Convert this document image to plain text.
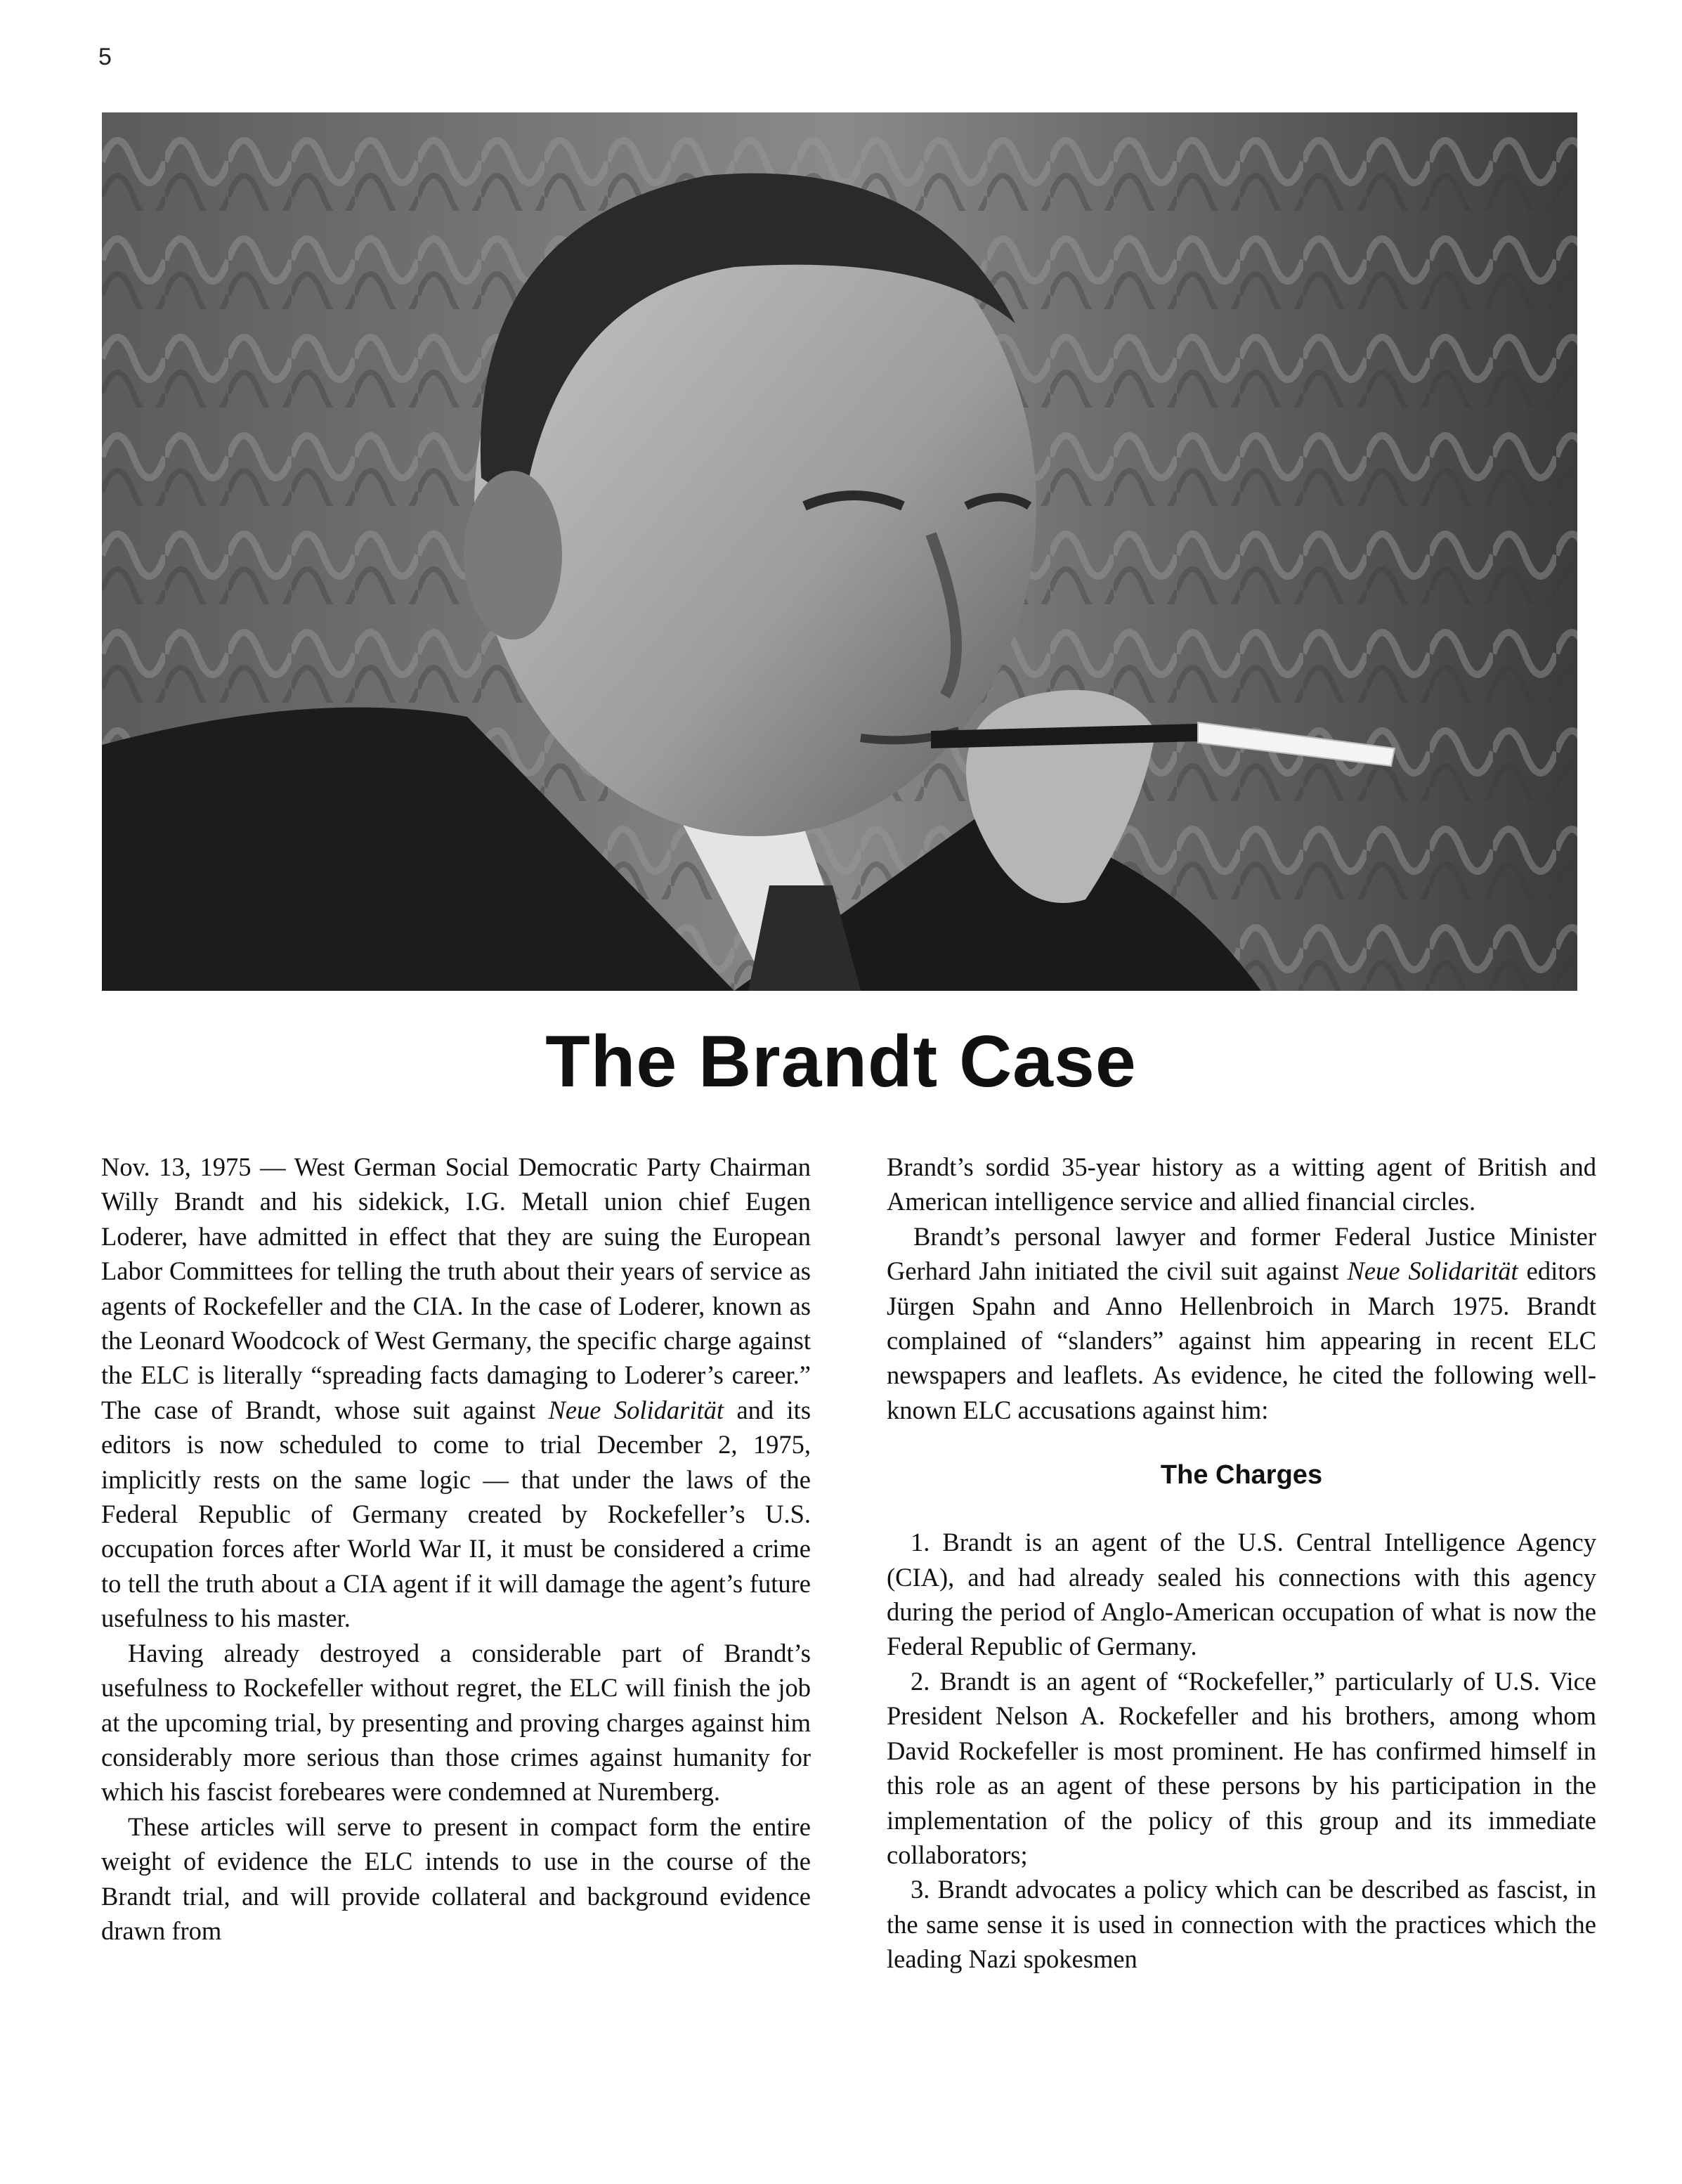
5
The Brandt Case

Nov. 13, 1975 — West German Social Democratic Party Chairman Willy Brandt and his sidekick, I.G. Metall union chief Eugen Loderer, have admitted in effect that they are suing the European Labor Committees for telling the truth about their years of service as agents of Rockefeller and the CIA. In the case of Loderer, known as the Leonard Woodcock of West Germany, the specific charge against the ELC is literally “spreading facts damaging to Loderer’s career.” The case of Brandt, whose suit against Neue Solidarität and its editors is now scheduled to come to trial December 2, 1975, implicitly rests on the same logic — that under the laws of the Federal Republic of Germany created by Rockefeller’s U.S. occupation forces after World War II, it must be considered a crime to tell the truth about a CIA agent if it will damage the agent’s future usefulness to his master.

Having already destroyed a considerable part of Brandt’s usefulness to Rockefeller without regret, the ELC will finish the job at the upcoming trial, by presenting and proving charges against him considerably more serious than those crimes against humanity for which his fascist forebeares were condemned at Nuremberg.

These articles will serve to present in compact form the entire weight of evidence the ELC intends to use in the course of the Brandt trial, and will provide collateral and background evidence drawn from

Brandt’s sordid 35-year history as a witting agent of British and American intelligence service and allied financial circles.

Brandt’s personal lawyer and former Federal Justice Minister Gerhard Jahn initiated the civil suit against Neue Solidarität editors Jürgen Spahn and Anno Hellenbroich in March 1975. Brandt complained of “slanders” against him appearing in recent ELC newspapers and leaflets. As evidence, he cited the following well-known ELC accusations against him:

The Charges

1. Brandt is an agent of the U.S. Central Intelligence Agency (CIA), and had already sealed his connections with this agency during the period of Anglo-American occupation of what is now the Federal Republic of Germany.

2. Brandt is an agent of “Rockefeller,” particularly of U.S. Vice President Nelson A. Rockefeller and his brothers, among whom David Rockefeller is most prominent. He has confirmed himself in this role as an agent of these persons by his participation in the implementation of the policy of this group and its immediate collaborators;

3. Brandt advocates a policy which can be described as fascist, in the same sense it is used in connection with the practices which the leading Nazi spokesmen
